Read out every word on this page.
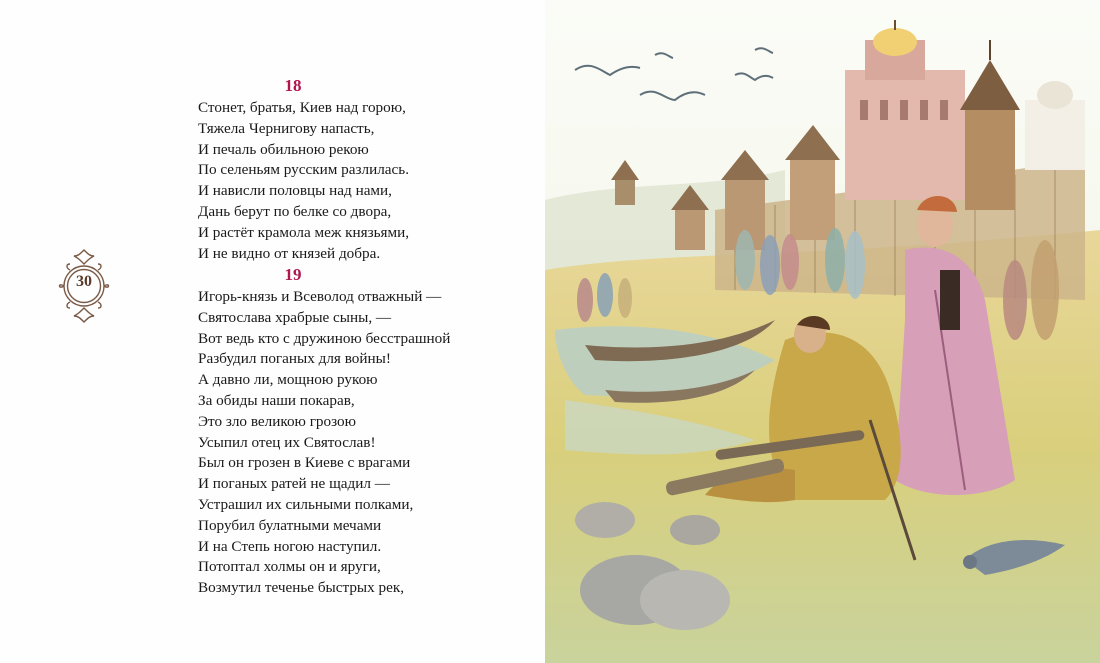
18
Стонет, братья, Киев над горою,
Тяжела Чернигову напасть,
И печаль обильною рекою
По селеньям русским разлилась.
И нависли половцы над нами,
Дань берут по белке со двора,
И растёт крамола меж князьями,
И не видно от князей добра.
19
Игорь-князь и Всеволод отважный —
Святослава храбрые сыны, —
Вот ведь кто с дружиною бесстрашной
Разбудил поганых для войны!
А давно ли, мощною рукою
За обиды наши покарав,
Это зло великою грозою
Усыпил отец их Святослав!
Был он грозен в Киеве с врагами
И поганых ратей не щадил —
Устрашил их сильными полками,
Порубил булатными мечами
И на Степь ногою наступил.
Потоптал холмы он и яруги,
Возмутил теченье быстрых рек,
30
